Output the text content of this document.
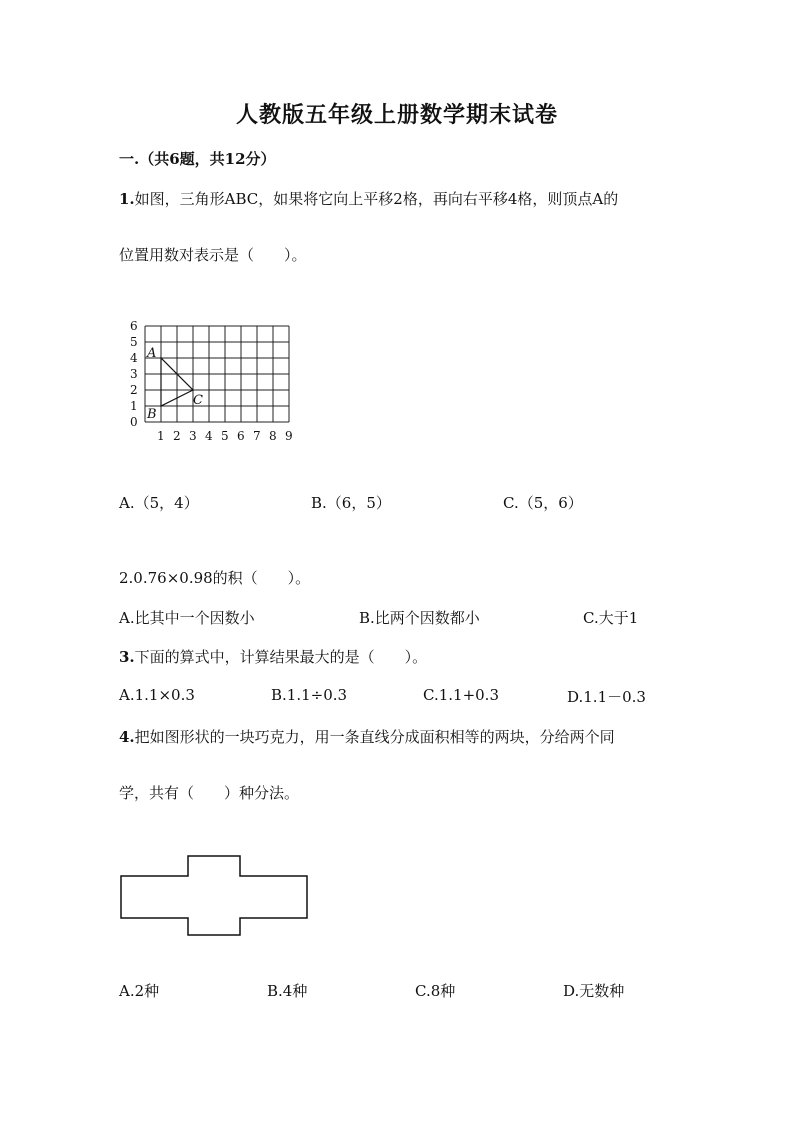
人教版五年级上册数学期末试卷
一.（共6题，共12分）
1.如图，三角形ABC，如果将它向上平移2格，再向右平移4格，则顶点A的
位置用数对表示是（　　）。
6
5
4
3
2
1
0
1 2 3 4 5 6 7 8 9
A
B
C
A.（5，4）	B.（6，5）	C.（5，6）
2.0.76×0.98的积（　　）。
A.比其中一个因数小	B.比两个因数都小	C.大于1
3.下面的算式中，计算结果最大的是（　　）。
A.1.1×0.3	B.1.1÷0.3	C.1.1+0.3	D.1.1－0.3
4.把如图形状的一块巧克力，用一条直线分成面积相等的两块，分给两个同
学，共有（　　）种分法。
A.2种	B.4种	C.8种	D.无数种
